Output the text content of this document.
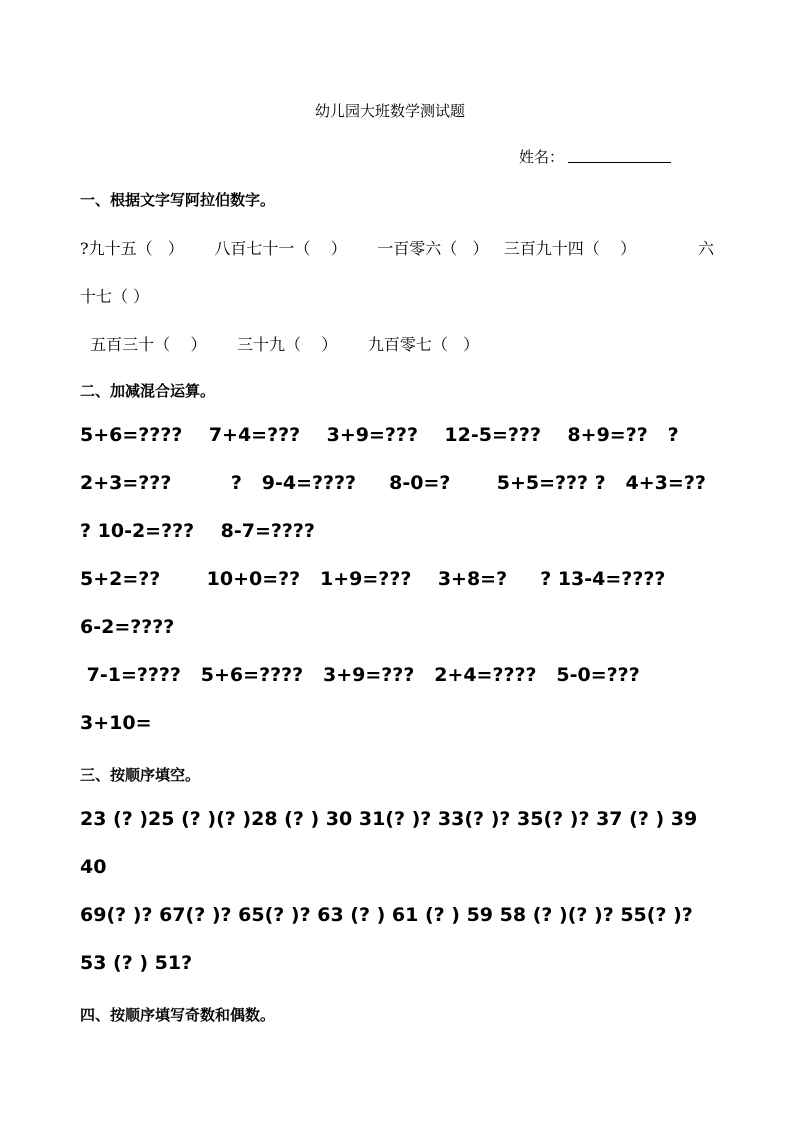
幼儿园大班数学测试题
姓名：
一、根据文字写阿拉伯数字。
?九十五（   ）      八百七十一（    ）      一百零六（   ）   三百九十四（    ）	六
十七（ ）
五百三十（    ）      三十九（    ）      九百零七（   ）
二、加减混合运算。
5+6=????    7+4=???    3+9=???    12-5=???    8+9=??   ?
2+3=???         ?   9-4=????     8-0=?       5+5=??? ?   4+3=??
? 10-2=???    8-7=????
5+2=??       10+0=??   1+9=???    3+8=?     ? 13-4=????
6-2=????
7-1=????   5+6=????   3+9=???   2+4=????   5-0=???
3+10=
三、按顺序填空。
23 (? )25 (? )(? )28 (? ) 30 31(? )? 33(? )? 35(? )? 37 (? ) 39
40
69(? )? 67(? )? 65(? )? 63 (? ) 61 (? ) 59 58 (? )(? )? 55(? )?
53 (? ) 51?
四、按顺序填写奇数和偶数。
